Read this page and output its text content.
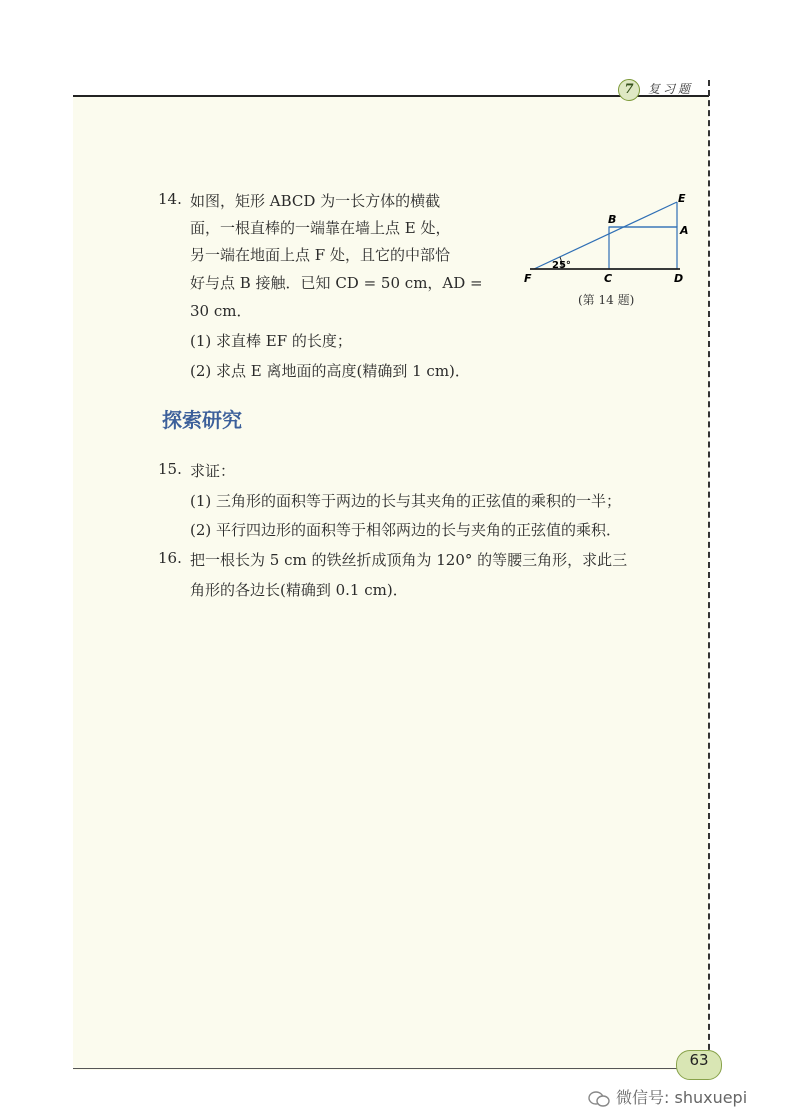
7	复习题
14. 如图，矩形 ABCD 为一长方体的横截
面，一根直棒的一端靠在墙上点 E 处，
另一端在地面上点 F 处，且它的中部恰
好与点 B 接触．已知 CD = 50 cm，AD =
30 cm．
(1) 求直棒 EF 的长度；
(2) 求点 E 离地面的高度(精确到 1 cm)．
F	C	D
A
B
E
25°
(第 14 题)
探索研究
15. 求证：
(1) 三角形的面积等于两边的长与其夹角的正弦值的乘积的一半；
(2) 平行四边形的面积等于相邻两边的长与夹角的正弦值的乘积．
16. 把一根长为 5 cm 的铁丝折成顶角为 120° 的等腰三角形，求此三
角形的各边长(精确到 0.1 cm)．
63
微信号: shuxuepi
